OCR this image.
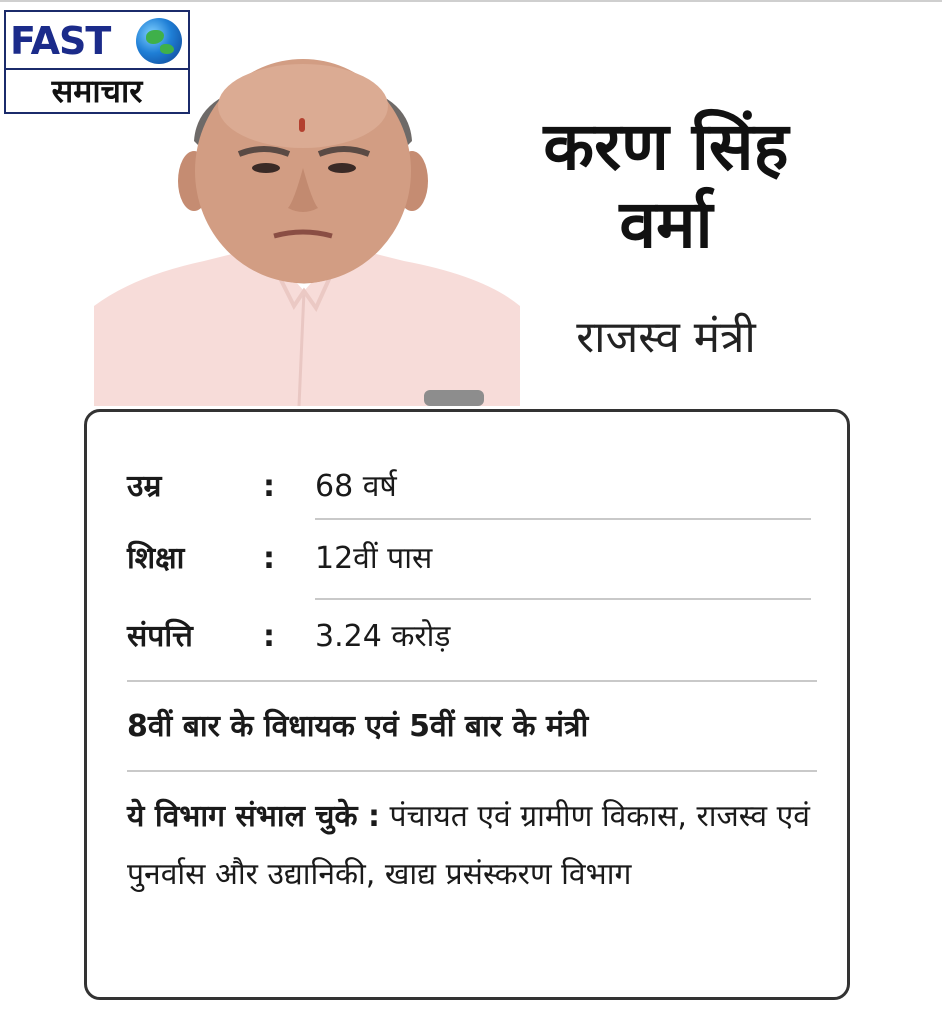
FAST
समाचार
करण सिंह
वर्मा
राजस्व मंत्री
उम्र	: 68 वर्ष
शिक्षा	: 12वीं पास
संपत्ति	: 3.24 करोड़
8वीं बार के विधायक एवं 5वीं बार के मंत्री
ये विभाग संभाल चुके : पंचायत एवं ग्रामीण विकास, राजस्व एवं पुनर्वास और उद्यानिकी, खाद्य प्रसंस्करण विभाग
